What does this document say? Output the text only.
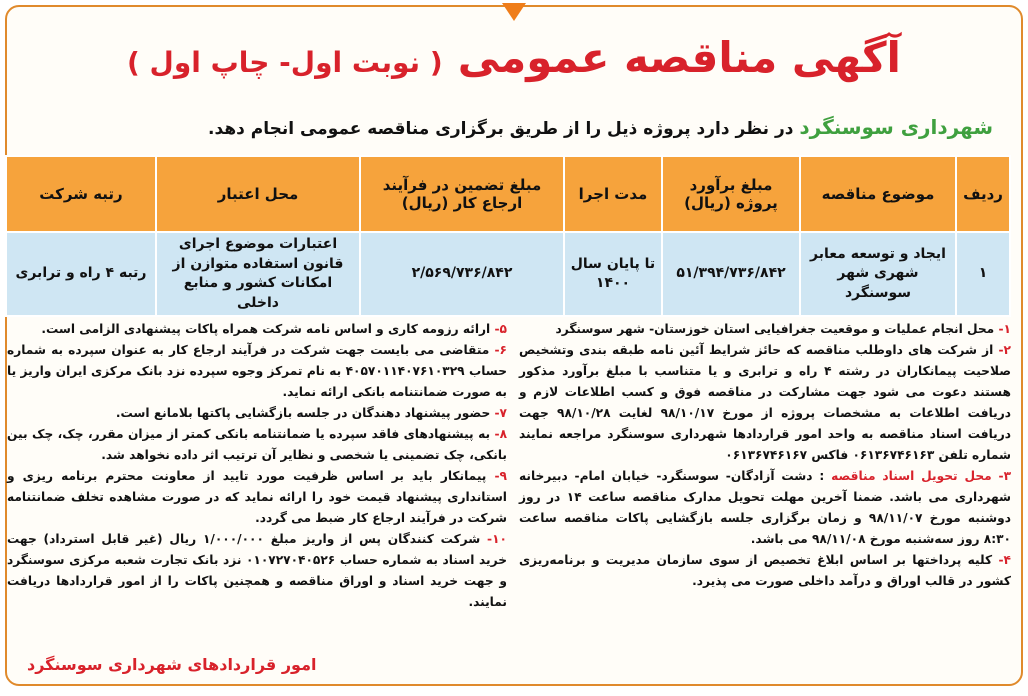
آگهی مناقصه عمومی ( نوبت اول- چاپ اول )
شهرداری سوسنگرد در نظر دارد پروژه ذیل را از طریق برگزاری مناقصه عمومی انجام دهد.
ردیف	موضوع مناقصه	مبلغ برآورد پروژه (ریال)	مدت اجرا	مبلغ تضمین در فرآیند ارجاع کار (ریال)	محل اعتبار	رتبه شرکت
۱	ایجاد و توسعه معابر شهری شهر سوسنگرد	۵۱/۳۹۴/۷۳۶/۸۴۲	تا پایان سال ۱۴۰۰	۲/۵۶۹/۷۳۶/۸۴۲	اعتبارات موضوع اجرای قانون استفاده متوازن از امکانات کشور و منابع داخلی	رتبه ۴ راه و ترابری

۱- محل انجام عملیات و موقعیت جغرافیایی استان خوزستان- شهر سوسنگرد

۲- از شرکت های داوطلب مناقصه که حائز شرایط آئین نامه طبقه بندی وتشخیص صلاحیت پیمانکاران در رشته ۴ راه و ترابری و یا متناسب با مبلغ برآورد مذکور هستند دعوت می شود جهت مشارکت در مناقصه فوق و کسب اطلاعات لازم و دریافت اطلاعات به مشخصات پروژه از مورخ ۹۸/۱۰/۱۷ لغایت ۹۸/۱۰/۲۸ جهت دریافت اسناد مناقصه به واحد امور قراردادها شهرداری سوسنگرد مراجعه نمایند شماره تلفن ۰۶۱۳۶۷۴۶۱۶۳ فاکس ۰۶۱۳۶۷۴۶۱۶۷

۳- محل تحویل اسناد مناقصه : دشت آزادگان- سوسنگرد- خیابان امام- دبیرخانه شهرداری می باشد. ضمنا آخرین مهلت تحویل مدارک مناقصه ساعت ۱۴ در روز دوشنبه مورخ ۹۸/۱۱/۰۷ و زمان برگزاری جلسه بازگشایی پاکات مناقصه ساعت ۸:۳۰ روز سه‌شنبه مورخ ۹۸/۱۱/۰۸ می باشد.

۴- کلیه پرداختها بر اساس ابلاغ تخصیص از سوی سازمان مدیریت و برنامه‌ریزی کشور در قالب اوراق و درآمد داخلی صورت می پذیرد.

۵- ارائه رزومه کاری و اساس نامه شرکت همراه پاکات پیشنهادی الزامی است.

۶- متقاضی می بایست جهت شرکت در فرآیند ارجاع کار به عنوان سپرده به شماره حساب ۴۰۵۷۰۱۱۴۰۷۶۱۰۳۲۹ به نام تمرکز وجوه سپرده نزد بانک مرکزی ایران واریز یا به صورت ضمانتنامه بانکی ارائه نماید.

۷- حضور پیشنهاد دهندگان در جلسه بازگشایی پاکتها بلامانع است.

۸- به پیشنهادهای فاقد سپرده یا ضمانتنامه بانکی کمتر از میزان مقرر، چک، چک بین بانکی، چک تضمینی یا شخصی و نظایر آن ترتیب اثر داده نخواهد شد.

۹- پیمانکار باید بر اساس ظرفیت مورد تایید از معاونت محترم برنامه ریزی و استانداری پیشنهاد قیمت خود را ارائه نماید که در صورت مشاهده تخلف ضمانتنامه شرکت در فرآیند ارجاع کار ضبط می گردد.

۱۰- شرکت کنندگان پس از واریز مبلغ ۱/۰۰۰/۰۰۰ ریال (غیر قابل استرداد) جهت خرید اسناد به شماره حساب ۰۱۰۷۲۷۰۴۰۵۲۶ نزد بانک تجارت شعبه مرکزی سوسنگرد و جهت خرید اسناد و اوراق مناقصه و همچنین پاکات را از امور قراردادها دریافت نمایند.

امور قراردادهای شهرداری سوسنگرد
